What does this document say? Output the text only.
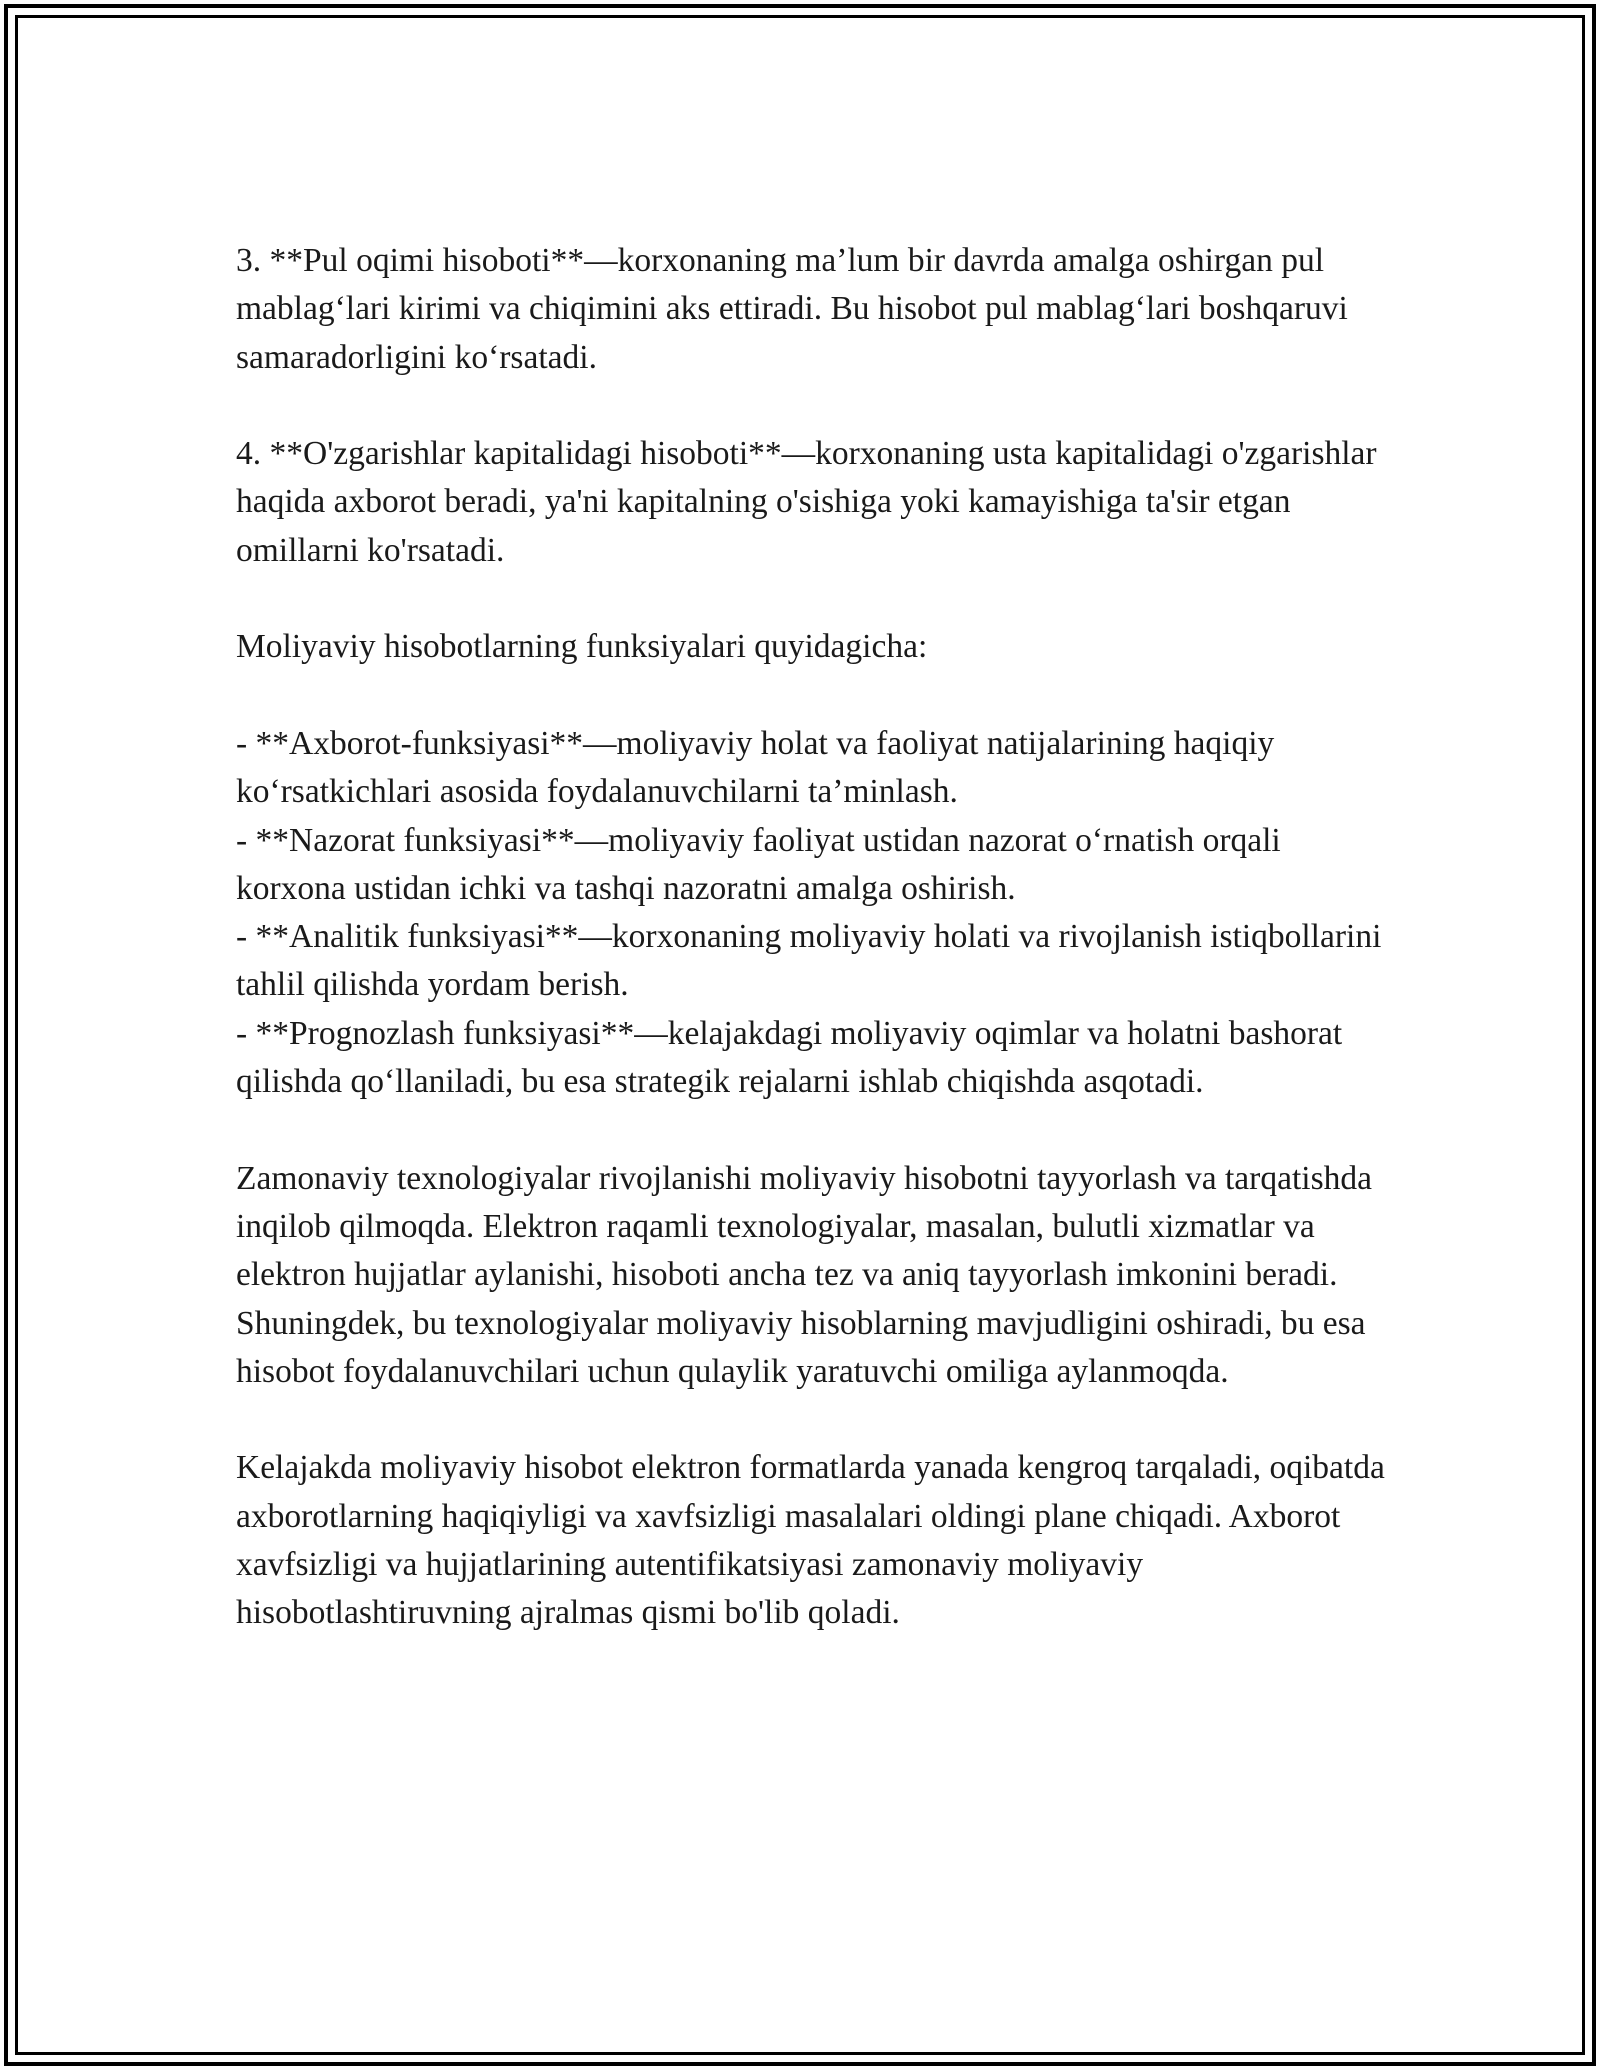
3. **Pul oqimi hisoboti**—korxonaning ma’lum bir davrda amalga oshirgan pul mablag‘lari kirimi va chiqimini aks ettiradi. Bu hisobot pul mablag‘lari boshqaruvi samaradorligini ko‘rsatadi.

4. **O'zgarishlar kapitalidagi hisoboti**—korxonaning usta kapitalidagi o'zgarishlar haqida axborot beradi, ya'ni kapitalning o'sishiga yoki kamayishiga ta'sir etgan omillarni ko'rsatadi.

Moliyaviy hisobotlarning funksiyalari quyidagicha:

- **Axborot-funksiyasi**—moliyaviy holat va faoliyat natijalarining haqiqiy ko‘rsatkichlari asosida foydalanuvchilarni ta’minlash.

- **Nazorat funksiyasi**—moliyaviy faoliyat ustidan nazorat o‘rnatish orqali korxona ustidan ichki va tashqi nazoratni amalga oshirish.

- **Analitik funksiyasi**—korxonaning moliyaviy holati va rivojlanish istiqbollarini tahlil qilishda yordam berish.

- **Prognozlash funksiyasi**—kelajakdagi moliyaviy oqimlar va holatni bashorat qilishda qo‘llaniladi, bu esa strategik rejalarni ishlab chiqishda asqotadi.

Zamonaviy texnologiyalar rivojlanishi moliyaviy hisobotni tayyorlash va tarqatishda inqilob qilmoqda. Elektron raqamli texnologiyalar, masalan, bulutli xizmatlar va elektron hujjatlar aylanishi, hisoboti ancha tez va aniq tayyorlash imkonini beradi. Shuningdek, bu texnologiyalar moliyaviy hisoblarning mavjudligini oshiradi, bu esa hisobot foydalanuvchilari uchun qulaylik yaratuvchi omiliga aylanmoqda.

Kelajakda moliyaviy hisobot elektron formatlarda yanada kengroq tarqaladi, oqibatda axborotlarning haqiqiyligi va xavfsizligi masalalari oldingi plane chiqadi. Axborot xavfsizligi va hujjatlarining autentifikatsiyasi zamonaviy moliyaviy hisobotlashtiruvning ajralmas qismi bo'lib qoladi.
